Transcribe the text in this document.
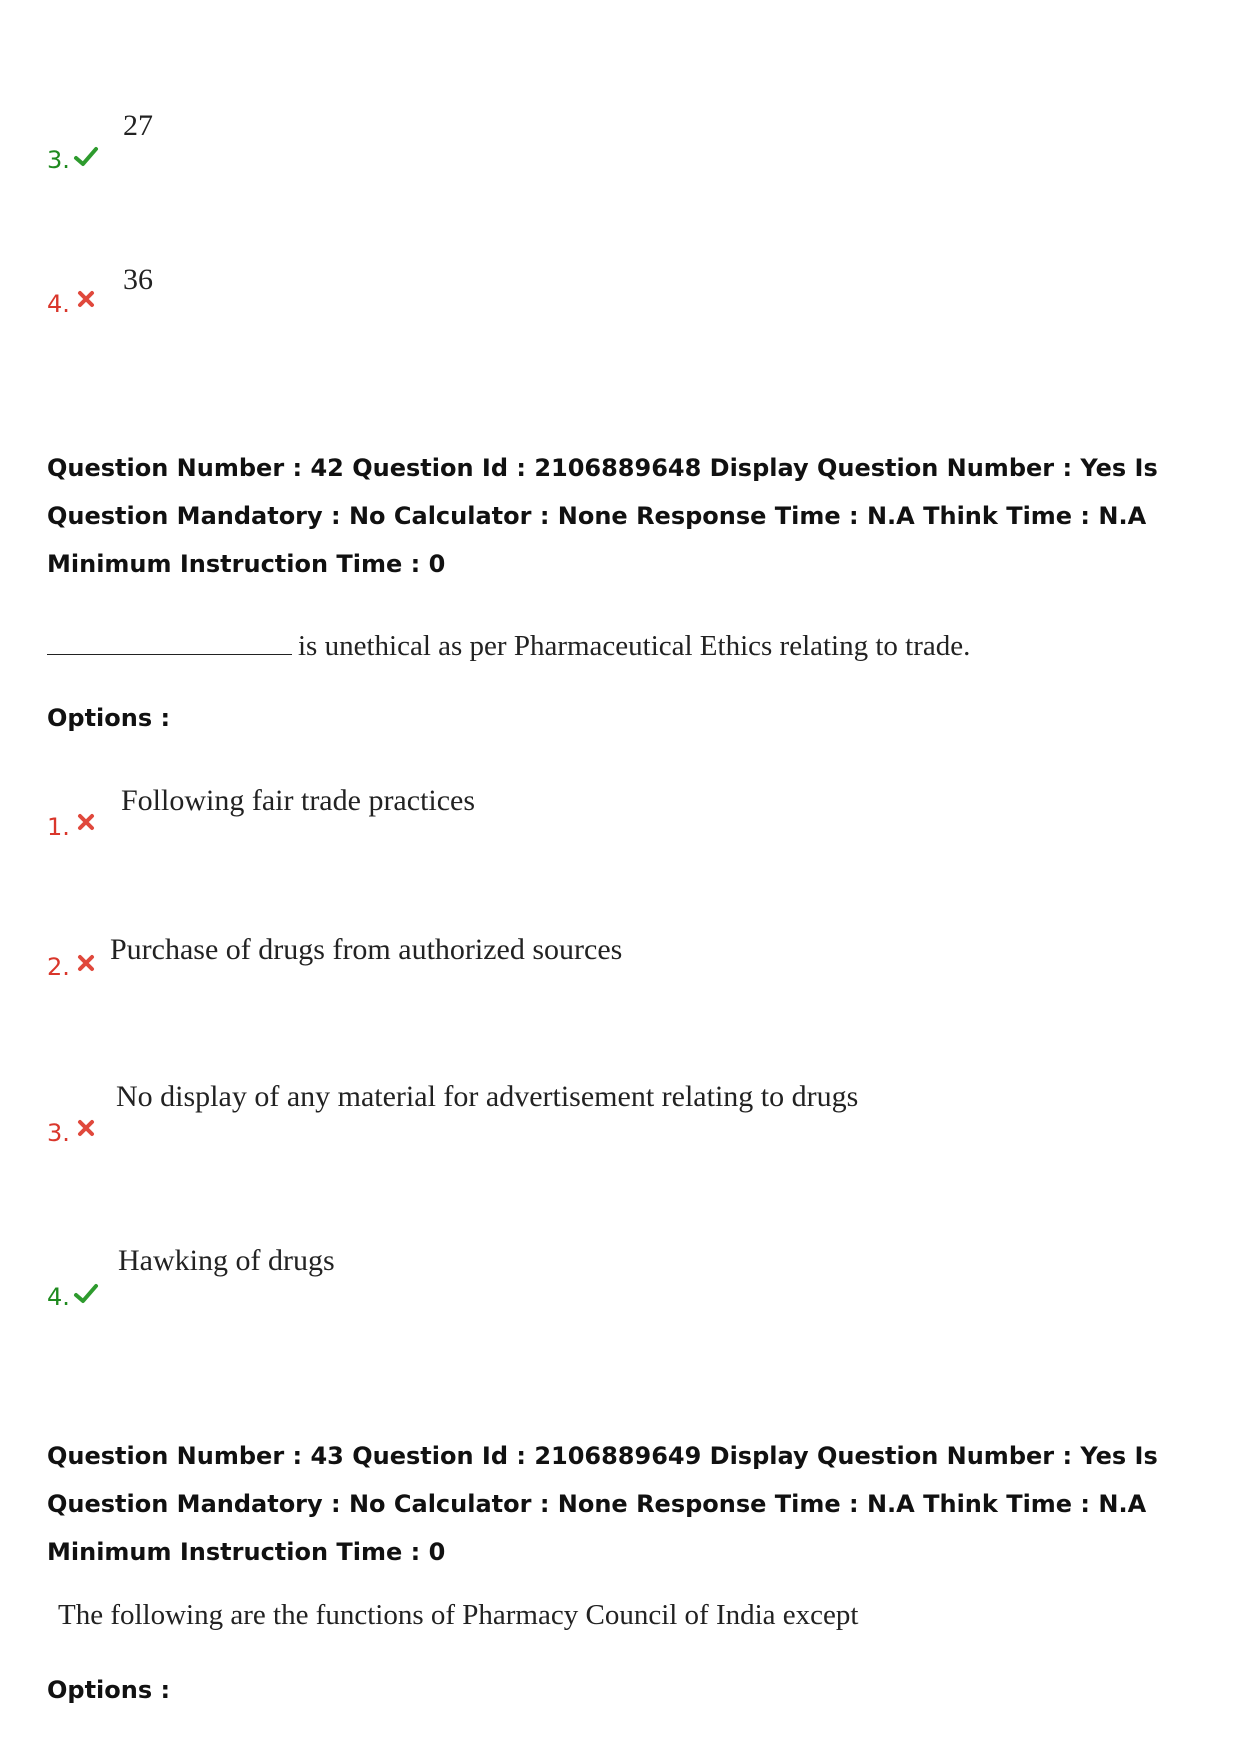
3.
27
4.
36
Question Number : 42 Question Id : 2106889648 Display Question Number : Yes Is Question Mandatory : No Calculator : None Response Time : N.A Think Time : N.A Minimum Instruction Time : 0
is unethical as per Pharmaceutical Ethics relating to trade.
Options :
1.
Following fair trade practices
2.
Purchase of drugs from authorized sources
3.
No display of any material for advertisement relating to drugs
4.
Hawking of drugs
Question Number : 43 Question Id : 2106889649 Display Question Number : Yes Is Question Mandatory : No Calculator : None Response Time : N.A Think Time : N.A Minimum Instruction Time : 0
The following are the functions of Pharmacy Council of India except
Options :
